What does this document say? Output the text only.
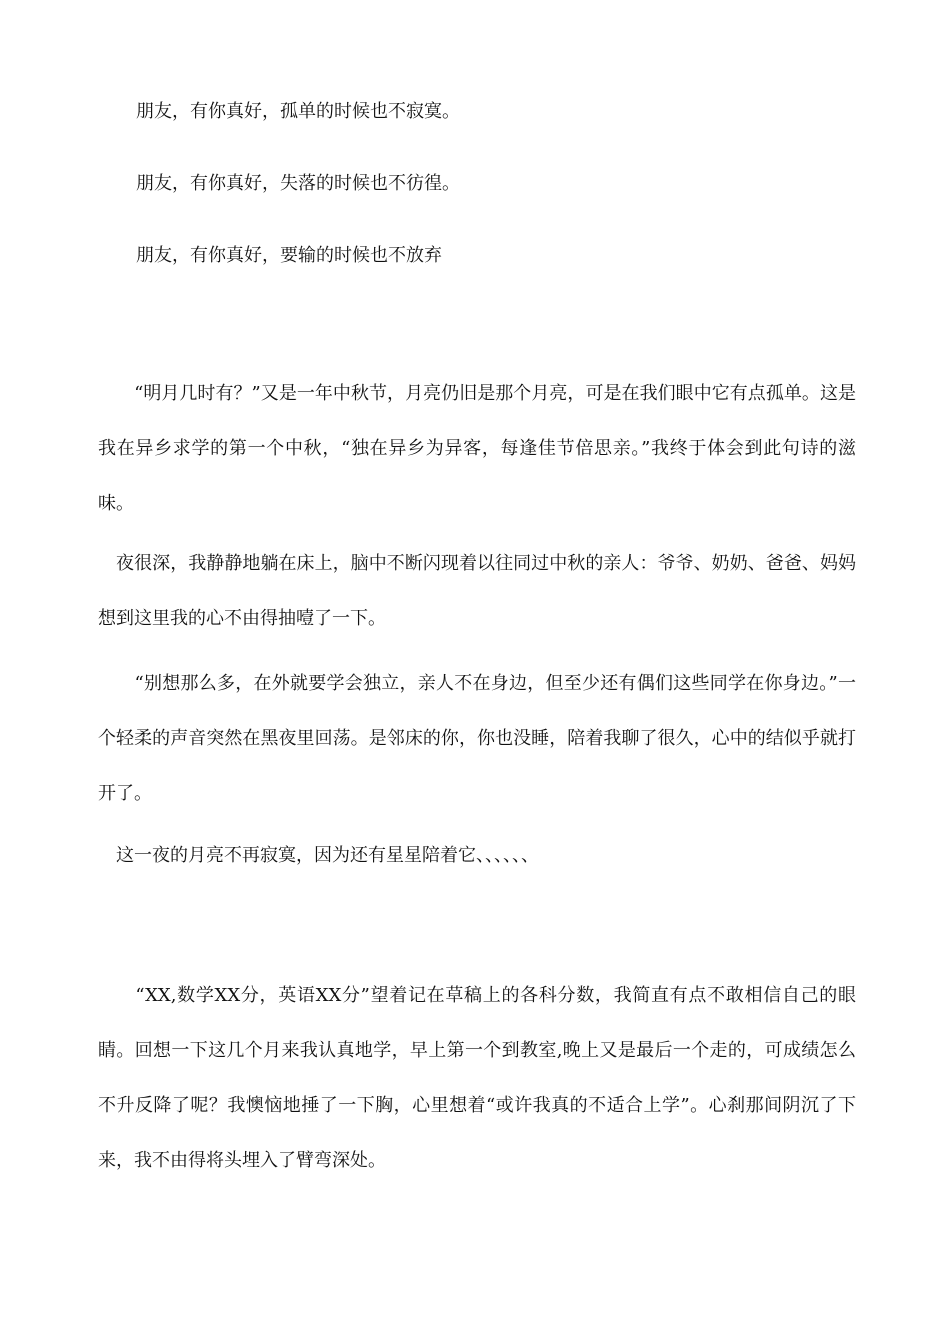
朋友，有你真好，孤单的时候也不寂寞。
朋友，有你真好，失落的时候也不彷徨。
朋友，有你真好，要输的时候也不放弃
　　“明月几时有？”又是一年中秋节，月亮仍旧是那个月亮，可是在我们眼中它有点孤单。这是我在异乡求学的第一个中秋，“独在异乡为异客，每逢佳节倍思亲。”我终于体会到此句诗的滋味。
　夜很深，我静静地躺在床上，脑中不断闪现着以往同过中秋的亲人：爷爷、奶奶、爸爸、妈妈想到这里我的心不由得抽噎了一下。
　　“别想那么多，在外就要学会独立，亲人不在身边，但至少还有偶们这些同学在你身边。”一个轻柔的声音突然在黑夜里回荡。是邻床的你，你也没睡，陪着我聊了很久，心中的结似乎就打开了。
　这一夜的月亮不再寂寞，因为还有星星陪着它、、、、、、
　　“XX,数学XX分，英语XX分”望着记在草稿上的各科分数，我简直有点不敢相信自己的眼睛。回想一下这几个月来我认真地学，早上第一个到教室,晚上又是最后一个走的，可成绩怎么不升反降了呢？我懊恼地捶了一下胸，心里想着“或许我真的不适合上学”。心刹那间阴沉了下来，我不由得将头埋入了臂弯深处。
